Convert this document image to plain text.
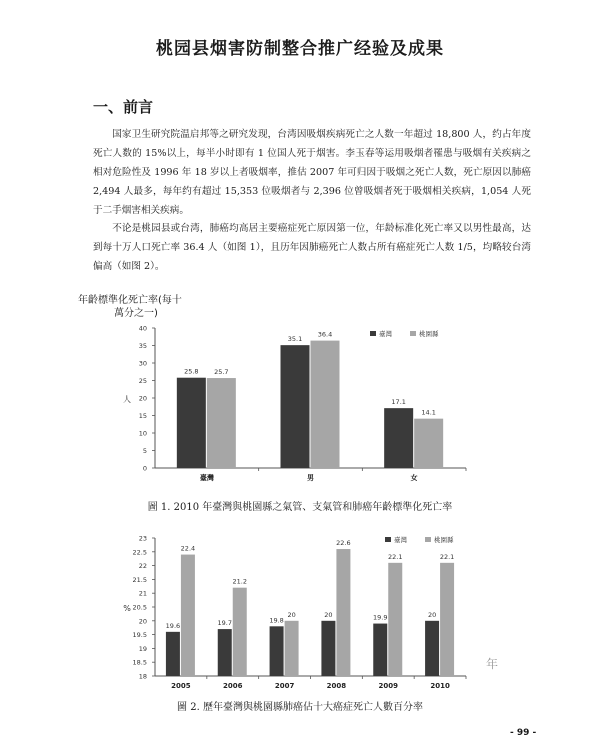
桃园县烟害防制整合推广经验及成果
一、前言

国家卫生研究院温启邦等之研究发现，台湾因吸烟疾病死亡之人数一年超过 18,800 人，约占年度死亡人数的 15%以上，每半小时即有 1 位国人死于烟害。李玉春等运用吸烟者罹患与吸烟有关疾病之相对危险性及 1996 年 18 岁以上者吸烟率，推估 2007 年可归因于吸烟之死亡人数，死亡原因以肺癌 2,494 人最多，每年约有超过 15,353 位吸烟者与 2,396 位曾吸烟者死于吸烟相关疾病，1,054 人死于二手烟害相关疾病。

不论是桃园县或台湾，肺癌均高居主要癌症死亡原因第一位，年龄标准化死亡率又以男性最高，达到每十万人口死亡率 36.4 人（如图 1），且历年因肺癌死亡人数占所有癌症死亡人数 1/5，均略较台湾偏高（如图 2）。

年齡標準化死亡率(每十
萬分之一)
0
5
10
15
20
25
30
35
40
人
臺灣
25.8 25.7
男
35.1
36.4
女
17.1
14.1
臺灣	桃園縣
圖 1. 2010 年臺灣與桃園縣之氣管、支氣管和肺癌年齡標準化死亡率
18
18.5
19
19.5
20
20.5
21
21.5
22
22.5
23
%
2005
19.6
22.4
2006
19.7
21.2
2007
19.8
20
2008
20
22.6
2009
19.9
22.1
2010
20
22.1
臺灣	桃園縣
年
圖 2. 歷年臺灣與桃園縣肺癌佔十大癌症死亡人數百分率
- 99 -
